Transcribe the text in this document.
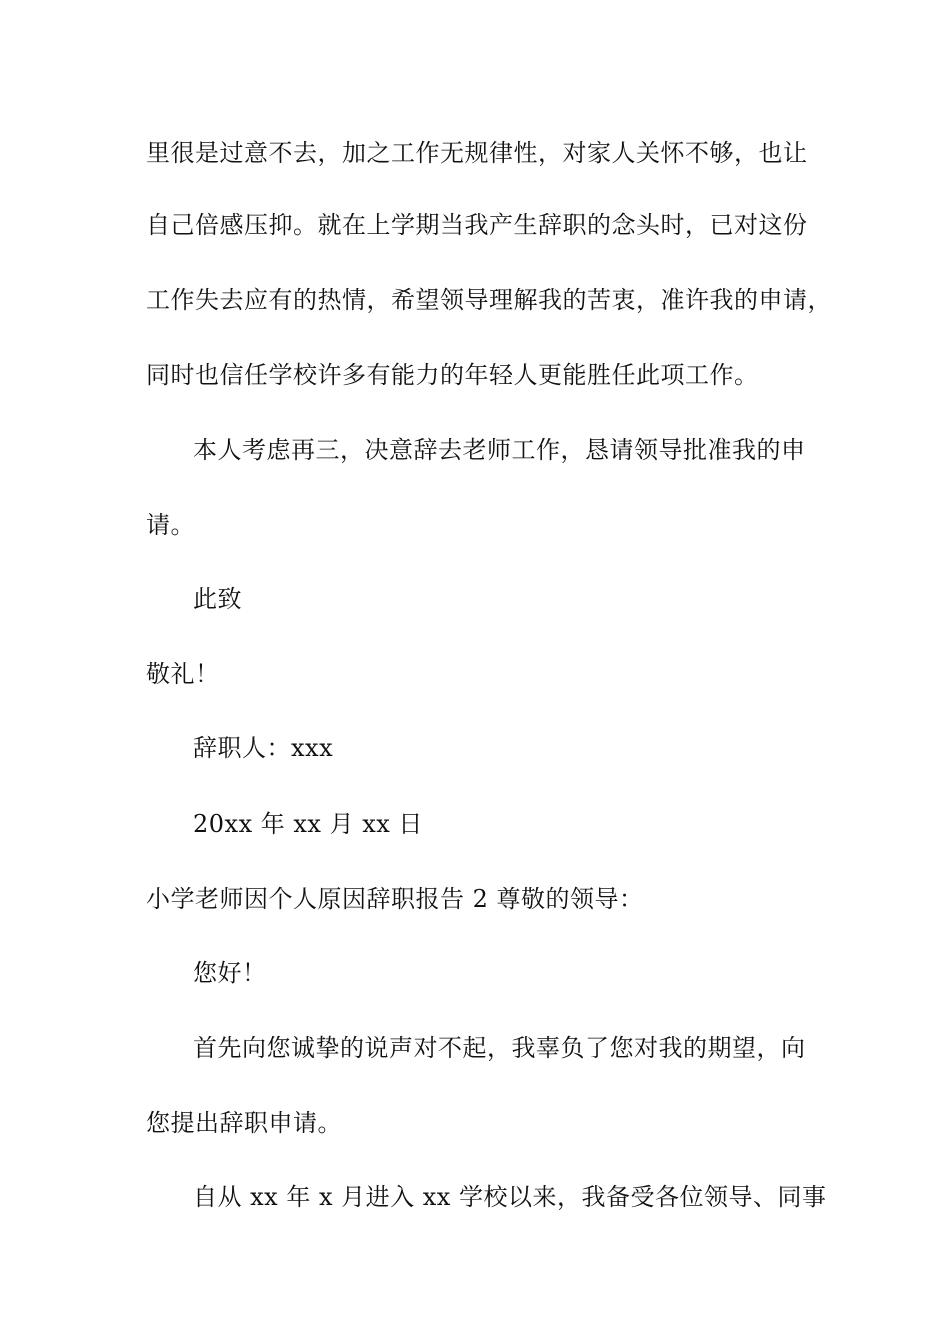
里很是过意不去，加之工作无规律性，对家人关怀不够，也让
自己倍感压抑。就在上学期当我产生辞职的念头时，已对这份
工作失去应有的热情，希望领导理解我的苦衷，准许我的申请，
同时也信任学校许多有能力的年轻人更能胜任此项工作。
本人考虑再三，决意辞去老师工作，恳请领导批准我的申
请。
此致
敬礼！
辞职人：xxx
20xx 年 xx 月 xx 日
小学老师因个人原因辞职报告 2 尊敬的领导：
您好！
首先向您诚挚的说声对不起，我辜负了您对我的期望，向
您提出辞职申请。
自从 xx 年 x 月进入 xx 学校以来，我备受各位领导、同事
